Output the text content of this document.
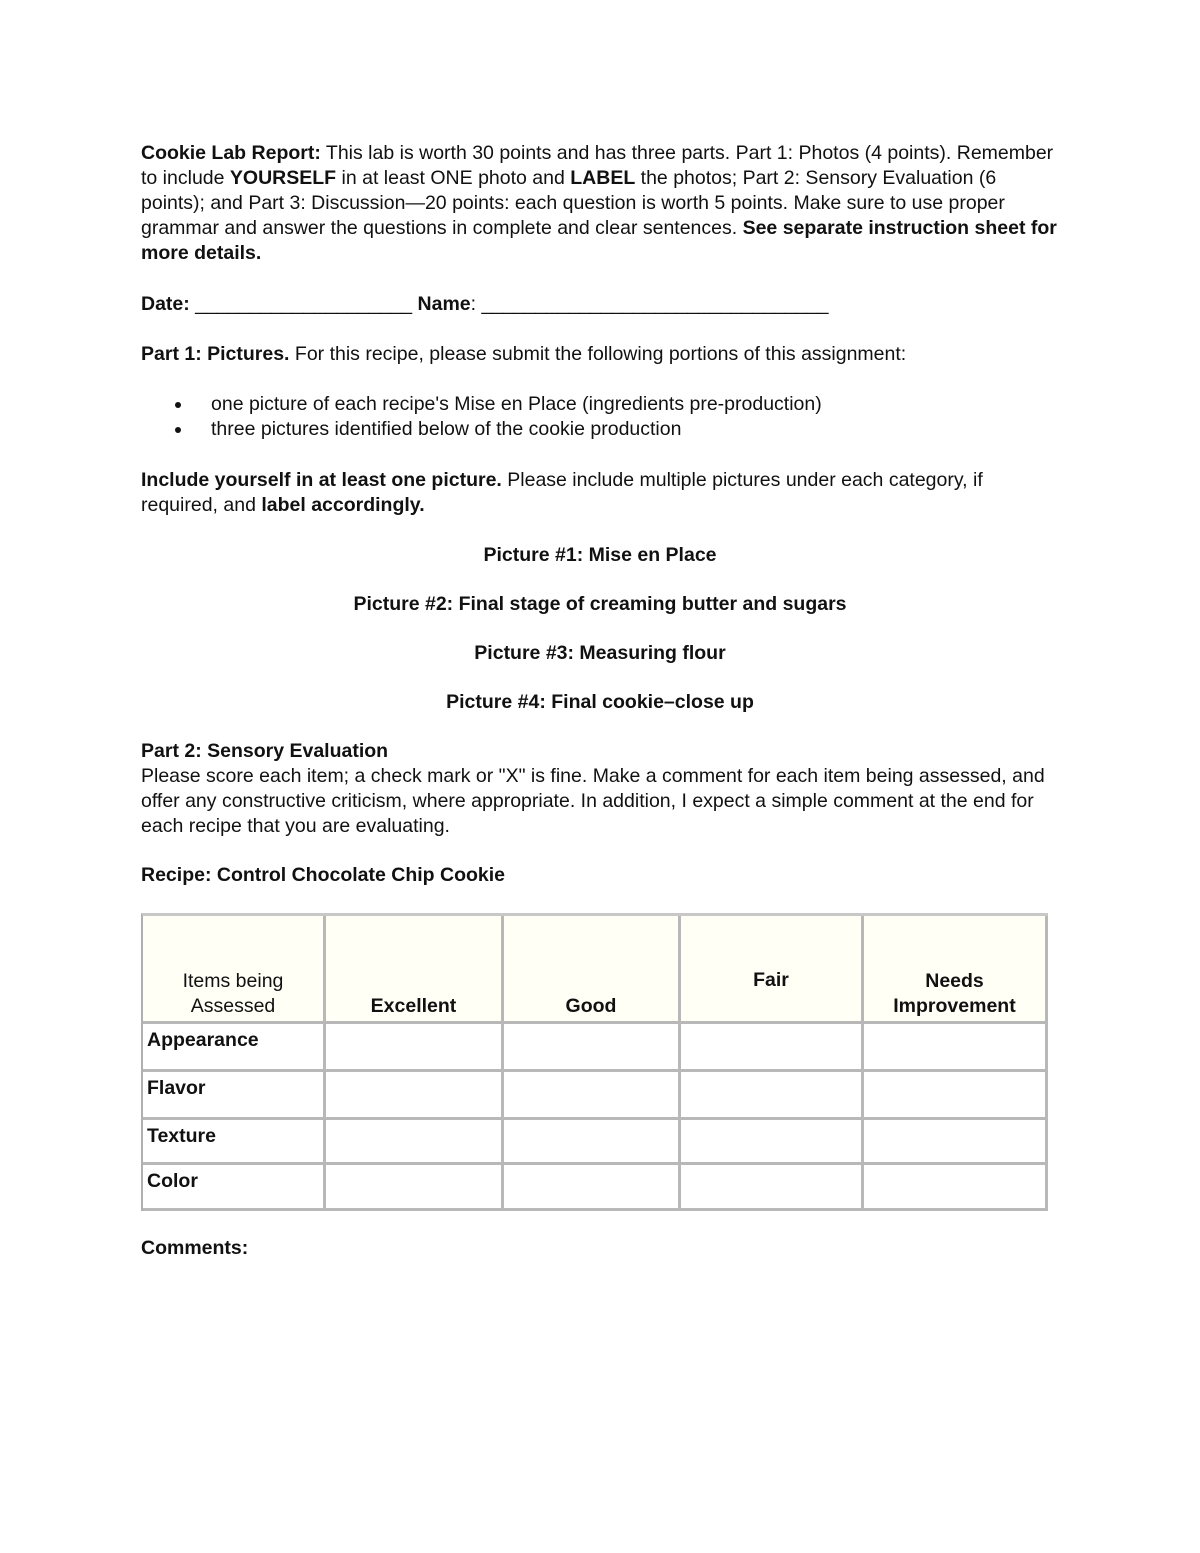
Cookie Lab Report: This lab is worth 30 points and has three parts. Part 1: Photos (4 points). Remember to include YOURSELF in at least ONE photo and LABEL the photos; Part 2: Sensory Evaluation (6 points); and Part 3: Discussion—20 points: each question is worth 5 points. Make sure to use proper grammar and answer the questions in complete and clear sentences. See separate instruction sheet for more details.

Date: ____________________ Name: ________________________________

Part 1: Pictures. For this recipe, please submit the following portions of this assignment:

one picture of each recipe's Mise en Place (ingredients pre-production)
three pictures identified below of the cookie production

Include yourself in at least one picture. Please include multiple pictures under each category, if required, and label accordingly.

Picture #1: Mise en Place

Picture #2: Final stage of creaming butter and sugars

Picture #3: Measuring flour

Picture #4: Final cookie–close up

Part 2: Sensory Evaluation

Please score each item; a check mark or "X" is fine. Make a comment for each item being assessed, and offer any constructive criticism, where appropriate. In addition, I expect a simple comment at the end for each recipe that you are evaluating.

Recipe: Control Chocolate Chip Cookie

Items being
Assessed	Excellent	Good	Fair	Needs
Improvement

Appearance				
Flavor				
Texture				
Color				

Comments:
